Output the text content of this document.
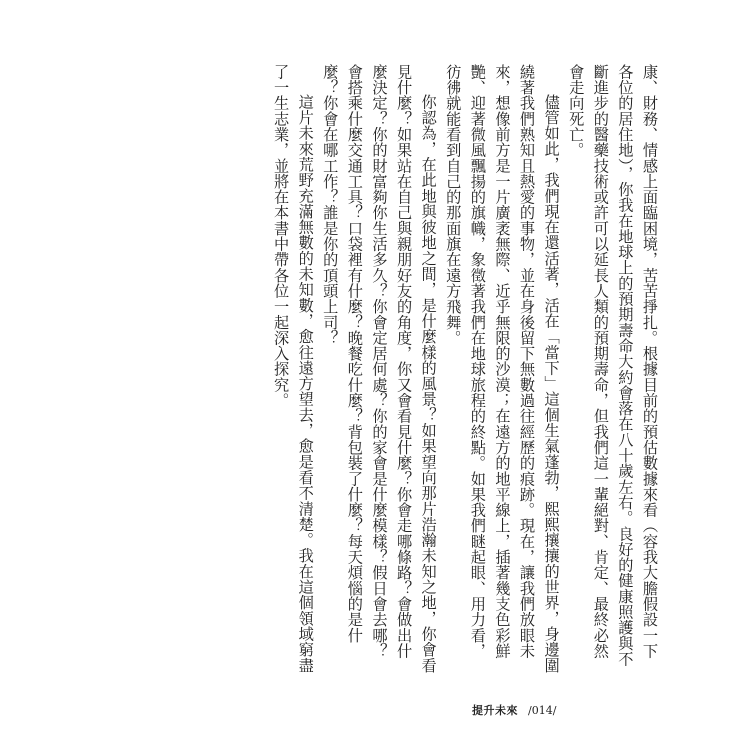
康、財務、情感上面臨困境，苦苦掙扎。根據目前的預估數據來看（容我大膽假設一下各位的居住地），你我在地球上的預期壽命大約會落在八十歲左右。良好的健康照護與不斷進步的醫藥技術或許可以延長人類的預期壽命，但我們這一輩絕對、肯定、最終必然會走向死亡。

儘管如此，我們現在還活著，活在「當下」這個生氣蓬勃，熙熙攘攘的世界，身邊圍繞著我們熟知且熱愛的事物，並在身後留下無數過往經歷的痕跡。現在，讓我們放眼未來，想像前方是一片廣袤無際、近乎無限的沙漠；在遠方的地平線上，插著幾支色彩鮮艷、迎著微風飄揚的旗幟，象徵著我們在地球旅程的終點。如果我們瞇起眼、用力看，彷彿就能看到自己的那面旗在遠方飛舞。

你認為，在此地與彼地之間，是什麼樣的風景？如果望向那片浩瀚未知之地，你會看見什麼？如果站在自己與親朋好友的角度，你又會看見什麼？你會走哪條路？會做出什麼決定？你的財富夠你生活多久？你會定居何處？你的家會是什麼模樣？假日會去哪？會搭乘什麼交通工具？口袋裡有什麼？晚餐吃什麼？背包裝了什麼？每天煩惱的是什麼？你會在哪工作？誰是你的頂頭上司？

這片未來荒野充滿無數的未知數，愈往遠方望去，愈是看不清楚。我在這個領域窮盡了一生志業，並將在本書中帶各位一起深入探究。

提升未來 /014/
